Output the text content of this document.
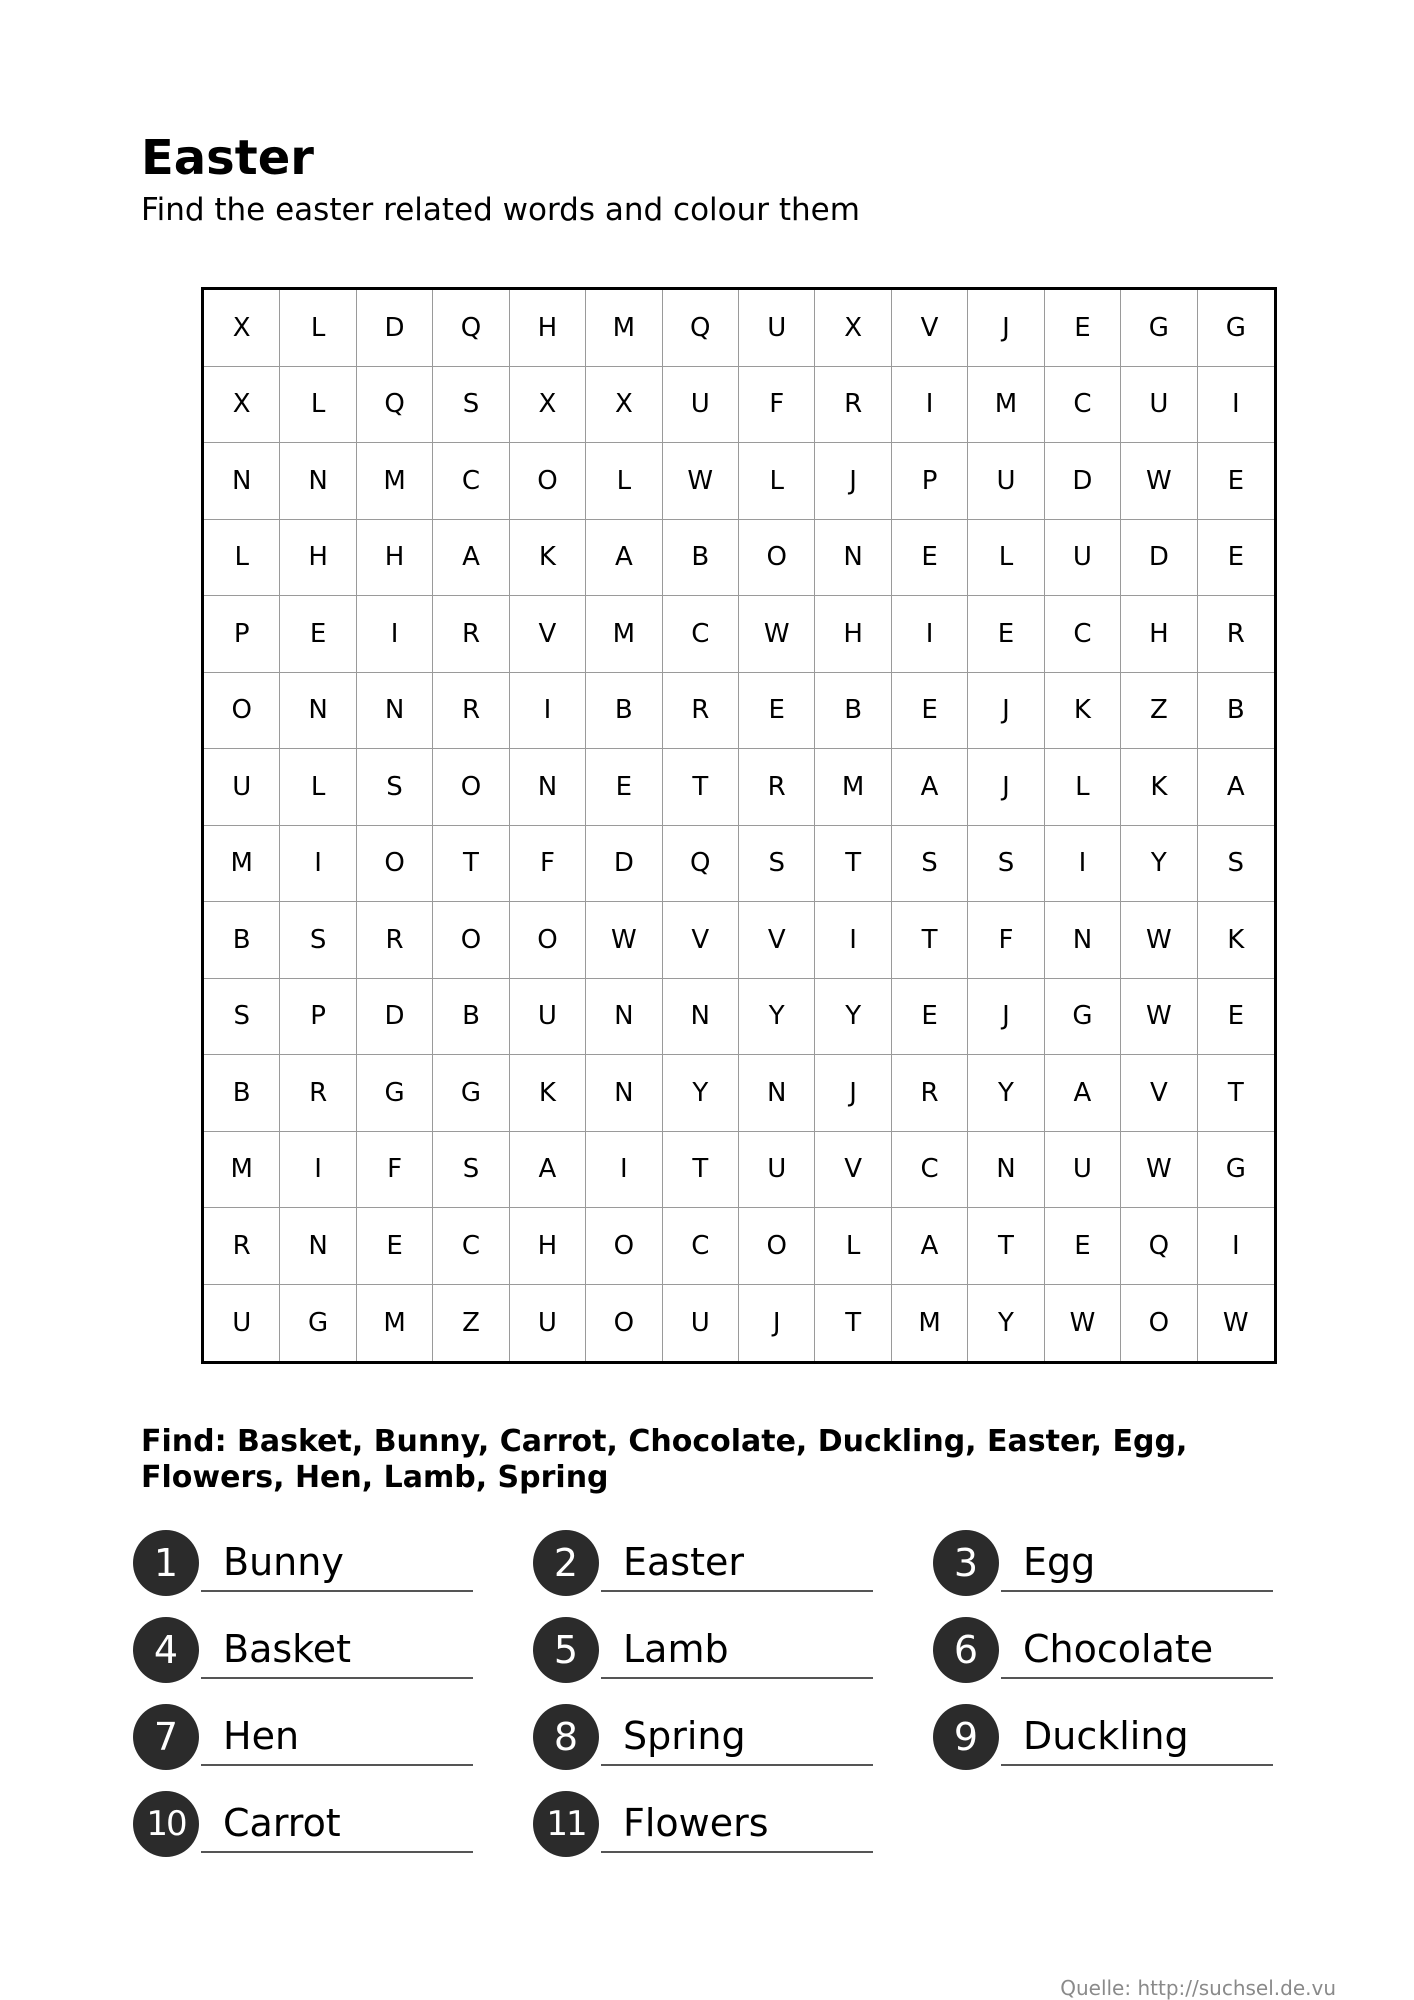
Easter

Find the easter related words and colour them

X	L	D	Q	H	M	Q	U	X	V	J	E	G	G
X	L	Q	S	X	X	U	F	R	I	M	C	U	I
N	N	M	C	O	L	W	L	J	P	U	D	W	E
L	H	H	A	K	A	B	O	N	E	L	U	D	E
P	E	I	R	V	M	C	W	H	I	E	C	H	R
O	N	N	R	I	B	R	E	B	E	J	K	Z	B
U	L	S	O	N	E	T	R	M	A	J	L	K	A
M	I	O	T	F	D	Q	S	T	S	S	I	Y	S
B	S	R	O	O	W	V	V	I	T	F	N	W	K
S	P	D	B	U	N	N	Y	Y	E	J	G	W	E
B	R	G	G	K	N	Y	N	J	R	Y	A	V	T
M	I	F	S	A	I	T	U	V	C	N	U	W	G
R	N	E	C	H	O	C	O	L	A	T	E	Q	I
U	G	M	Z	U	O	U	J	T	M	Y	W	O	W

Find: Basket, Bunny, Carrot, Chocolate, Duckling, Easter, Egg, Flowers, Hen, Lamb, Spring

1	Bunny	2	Easter	3	Egg
4	Basket	5	Lamb	6	Chocolate
7	Hen	8	Spring	9	Duckling
10 Carrot	11 Flowers

Quelle: http://suchsel.de.vu
